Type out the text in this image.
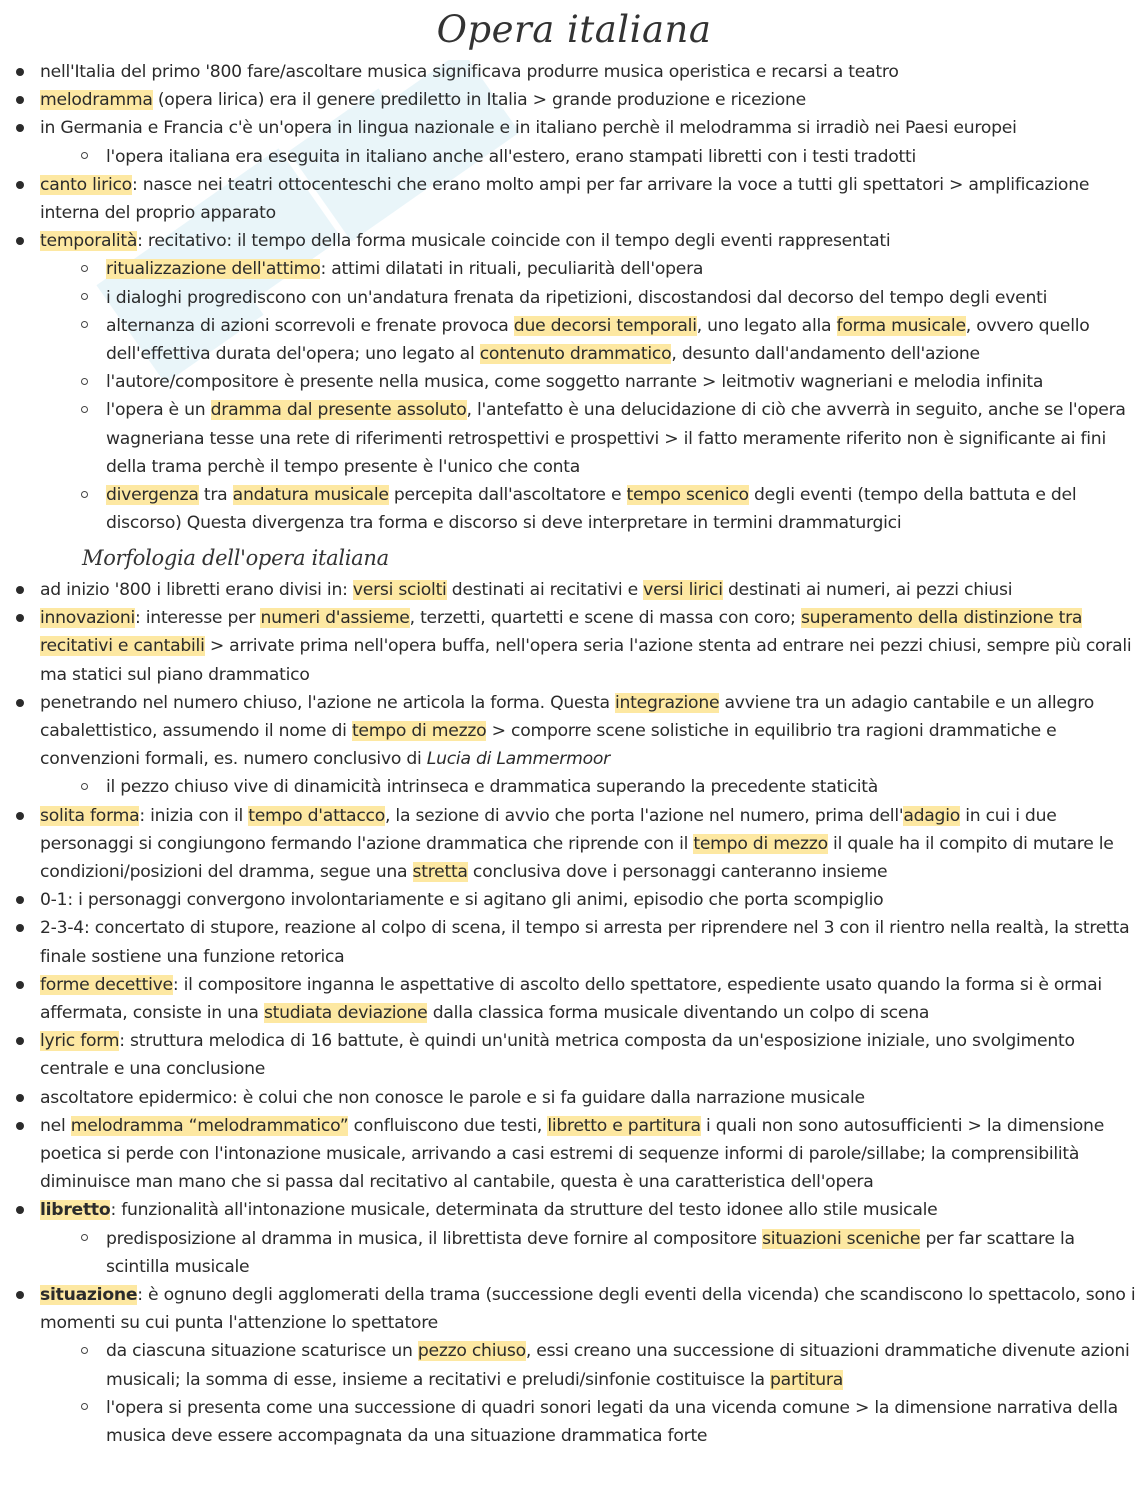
Opera italiana
nell'Italia del primo '800 fare/ascoltare musica significava produrre musica operistica e recarsi a teatro
melodramma (opera lirica) era il genere prediletto in Italia > grande produzione e ricezione
in Germania e Francia c'è un'opera in lingua nazionale e in italiano perchè il melodramma si irradiò nei Paesi europei
l'opera italiana era eseguita in italiano anche all'estero, erano stampati libretti con i testi tradotti
canto lirico: nasce nei teatri ottocenteschi che erano molto ampi per far arrivare la voce a tutti gli spettatori > amplificazione interna del proprio apparato
temporalità: recitativo: il tempo della forma musicale coincide con il tempo degli eventi rappresentati
ritualizzazione dell'attimo: attimi dilatati in rituali, peculiarità dell'opera
i dialoghi progrediscono con un'andatura frenata da ripetizioni, discostandosi dal decorso del tempo degli eventi
alternanza di azioni scorrevoli e frenate provoca due decorsi temporali, uno legato alla forma musicale, ovvero quello dell'effettiva durata del'opera; uno legato al contenuto drammatico, desunto dall'andamento dell'azione
l'autore/compositore è presente nella musica, come soggetto narrante > leitmotiv wagneriani e melodia infinita
l'opera è un dramma dal presente assoluto, l'antefatto è una delucidazione di ciò che avverrà in seguito, anche se l'opera wagneriana tesse una rete di riferimenti retrospettivi e prospettivi > il fatto meramente riferito non è significante ai fini della trama perchè il tempo presente è l'unico che conta
divergenza tra andatura musicale percepita dall'ascoltatore e tempo scenico degli eventi (tempo della battuta e del discorso) Questa divergenza tra forma e discorso si deve interpretare in termini drammaturgici
Morfologia dell'opera italiana
ad inizio '800 i libretti erano divisi in: versi sciolti destinati ai recitativi e versi lirici destinati ai numeri, ai pezzi chiusi
innovazioni: interesse per numeri d'assieme, terzetti, quartetti e scene di massa con coro; superamento della distinzione tra recitativi e cantabili > arrivate prima nell'opera buffa, nell'opera seria l'azione stenta ad entrare nei pezzi chiusi, sempre più corali ma statici sul piano drammatico
penetrando nel numero chiuso, l'azione ne articola la forma. Questa integrazione avviene tra un adagio cantabile e un allegro cabalettistico, assumendo il nome di tempo di mezzo > comporre scene solistiche in equilibrio tra ragioni drammatiche e convenzioni formali, es. numero conclusivo di Lucia di Lammermoor
il pezzo chiuso vive di dinamicità intrinseca e drammatica superando la precedente staticità
solita forma: inizia con il tempo d'attacco, la sezione di avvio che porta l'azione nel numero, prima dell'adagio in cui i due personaggi si congiungono fermando l'azione drammatica che riprende con il tempo di mezzo il quale ha il compito di mutare le condizioni/posizioni del dramma, segue una stretta conclusiva dove i personaggi canteranno insieme
0-1: i personaggi convergono involontariamente e si agitano gli animi, episodio che porta scompiglio
2-3-4: concertato di stupore, reazione al colpo di scena, il tempo si arresta per riprendere nel 3 con il rientro nella realtà, la stretta finale sostiene una funzione retorica
forme decettive: il compositore inganna le aspettative di ascolto dello spettatore, espediente usato quando la forma si è ormai affermata, consiste in una studiata deviazione dalla classica forma musicale diventando un colpo di scena
lyric form: struttura melodica di 16 battute, è quindi un'unità metrica composta da un'esposizione iniziale, uno svolgimento centrale e una conclusione
ascoltatore epidermico: è colui che non conosce le parole e si fa guidare dalla narrazione musicale
nel melodramma “melodrammatico” confluiscono due testi, libretto e partitura i quali non sono autosufficienti > la dimensione poetica si perde con l'intonazione musicale, arrivando a casi estremi di sequenze informi di parole/sillabe; la comprensibilità diminuisce man mano che si passa dal recitativo al cantabile, questa è una caratteristica dell'opera
libretto: funzionalità all'intonazione musicale, determinata da strutture del testo idonee allo stile musicale
predisposizione al dramma in musica, il librettista deve fornire al compositore situazioni sceniche per far scattare la scintilla musicale
situazione: è ognuno degli agglomerati della trama (successione degli eventi della vicenda) che scandiscono lo spettacolo, sono i momenti su cui punta l'attenzione lo spettatore
da ciascuna situazione scaturisce un pezzo chiuso, essi creano una successione di situazioni drammatiche divenute azioni musicali; la somma di esse, insieme a recitativi e preludi/sinfonie costituisce la partitura
l'opera si presenta come una successione di quadri sonori legati da una vicenda comune > la dimensione narrativa della musica deve essere accompagnata da una situazione drammatica forte
